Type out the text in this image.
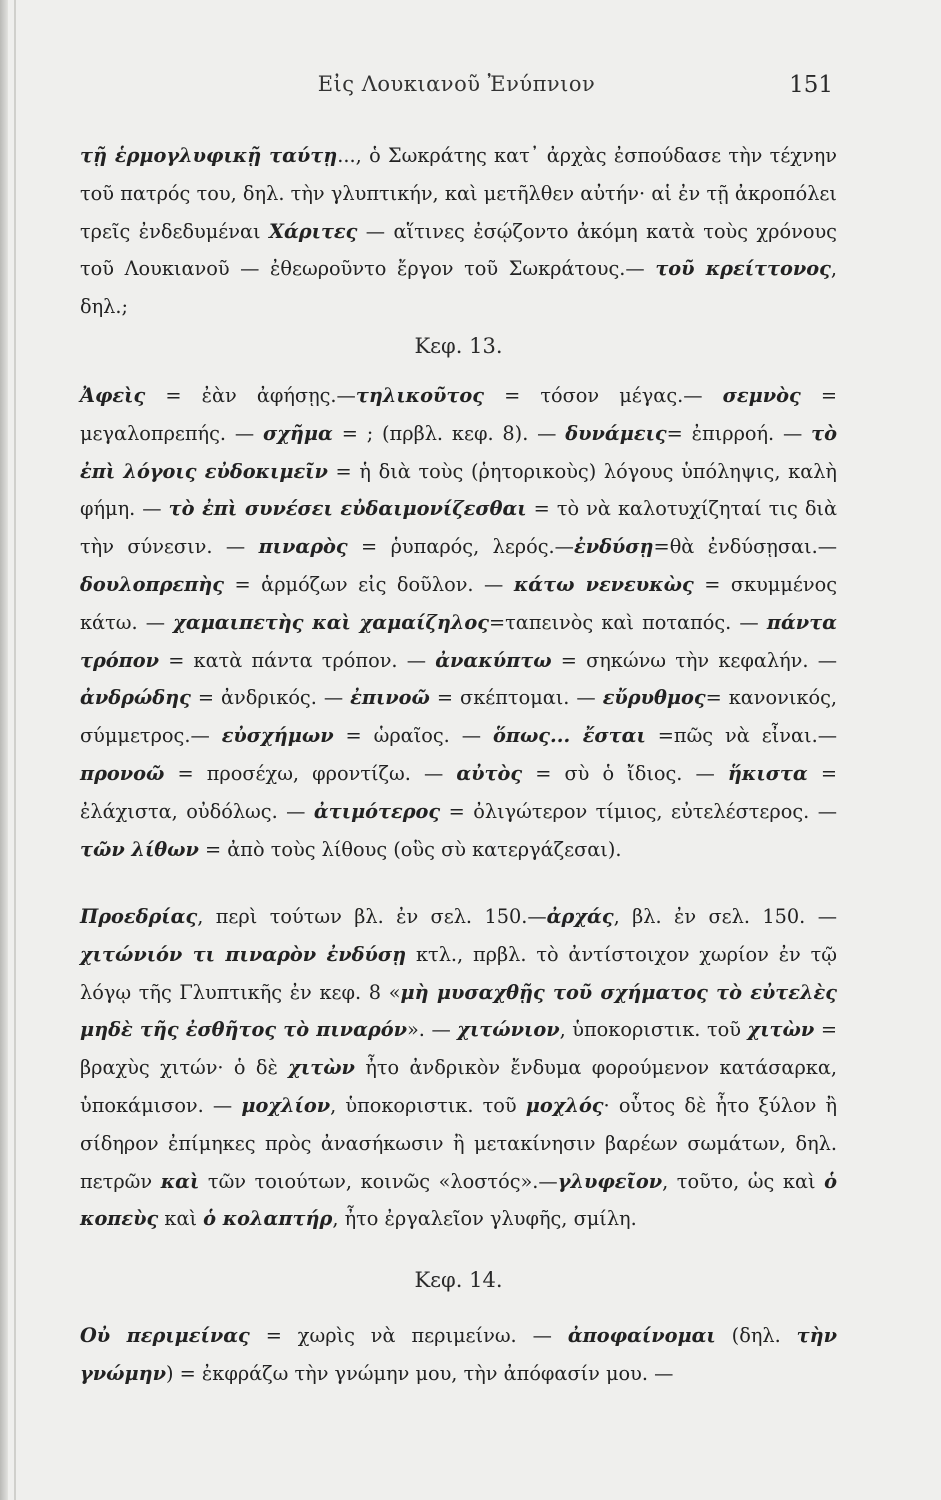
Εἰς Λουκιανοῦ Ἐνύπνιον	151

τῇ ἑρμογλυφικῇ ταύτῃ..., ὁ Σωκράτης κατ᾽ ἀρχὰς ἐσπούδασε τὴν τέχνην τοῦ πατρός του, δηλ. τὴν γλυπτικήν, καὶ μετῆλθεν αὐτήν· αἱ ἐν τῇ ἀκροπόλει τρεῖς ἐνδεδυμέναι Χάριτες — αἵτινες ἐσῴζοντο ἀκόμη κατὰ τοὺς χρόνους τοῦ Λουκιανοῦ — ἐθεωροῦντο ἔργον τοῦ Σωκράτους.— τοῦ κρείττονος, δηλ.;

Κεφ. 13.

Ἀφεὶς = ἐὰν ἀφήσῃς.—τηλικοῦτος = τόσον μέγας.— σεμνὸς = μεγαλοπρεπής. — σχῆμα = ; (πρβλ. κεφ. 8). — δυνάμεις= ἐπιρροή. — τὸ ἐπὶ λόγοις εὐδοκιμεῖν = ἡ διὰ τοὺς (ῥητορικοὺς) λόγους ὑπόληψις, καλὴ φήμη. — τὸ ἐπὶ συνέσει εὐδαιμονίζεσθαι = τὸ νὰ καλοτυχίζηταί τις διὰ τὴν σύνεσιν. — πιναρὸς = ῥυπαρός, λερός.—ἐνδύσῃ=θὰ ἐνδύσῃσαι.— δουλοπρεπὴς = ἁρμόζων εἰς δοῦλον. — κάτω νενευκὼς = σκυμμένος κάτω. — χαμαιπετὴς καὶ χαμαίζηλος=ταπεινὸς καὶ ποταπός. — πάντα τρόπον = κατὰ πάντα τρόπον. — ἀνακύπτω = σηκώνω τὴν κεφαλήν. — ἀνδρώδης = ἀνδρικός. — ἐπινοῶ = σκέπτομαι. — εὔρυθμος= κανονικός, σύμμετρος.— εὐσχήμων = ὡραῖος. — ὅπως... ἔσται =πῶς νὰ εἶναι.— προνοῶ = προσέχω, φροντίζω. — αὐτὸς = σὺ ὁ ἴδιος. — ἥκιστα = ἐλάχιστα, οὐδόλως. — ἀτιμότερος = ὀλιγώτερον τίμιος, εὐτελέστερος. — τῶν λίθων = ἀπὸ τοὺς λίθους (οὓς σὺ κατεργάζεσαι).

Προεδρίας, περὶ τούτων βλ. ἐν σελ. 150.—ἀρχάς, βλ. ἐν σελ. 150. — χιτώνιόν τι πιναρὸν ἐνδύσῃ κτλ., πρβλ. τὸ ἀντίστοιχον χωρίον ἐν τῷ λόγῳ τῆς Γλυπτικῆς ἐν κεφ. 8 «μὴ μυσαχθῇς τοῦ σχήματος τὸ εὐτελὲς μηδὲ τῆς ἐσθῆτος τὸ πιναρόν». — χιτώνιον, ὑποκοριστικ. τοῦ χιτὼν = βραχὺς χιτών· ὁ δὲ χιτὼν ἦτο ἀνδρικὸν ἔνδυμα φορούμενον κατάσαρκα, ὑποκάμισον. — μοχλίον, ὑποκοριστικ. τοῦ μοχλός· οὗτος δὲ ἦτο ξύλον ἢ σίδηρον ἐπίμηκες πρὸς ἀνασήκωσιν ἢ μετακίνησιν βαρέων σωμάτων, δηλ. πετρῶν καὶ τῶν τοιούτων, κοινῶς «λοστός».—γλυφεῖον, τοῦτο, ὡς καὶ ὁ κοπεὺς καὶ ὁ κολαπτήρ, ἦτο ἐργαλεῖον γλυφῆς, σμίλη.

Κεφ. 14.

Οὐ περιμείνας = χωρὶς νὰ περιμείνω. — ἀποφαίνομαι (δηλ. τὴν γνώμην) = ἐκφράζω τὴν γνώμην μου, τὴν ἀπόφασίν μου. —
